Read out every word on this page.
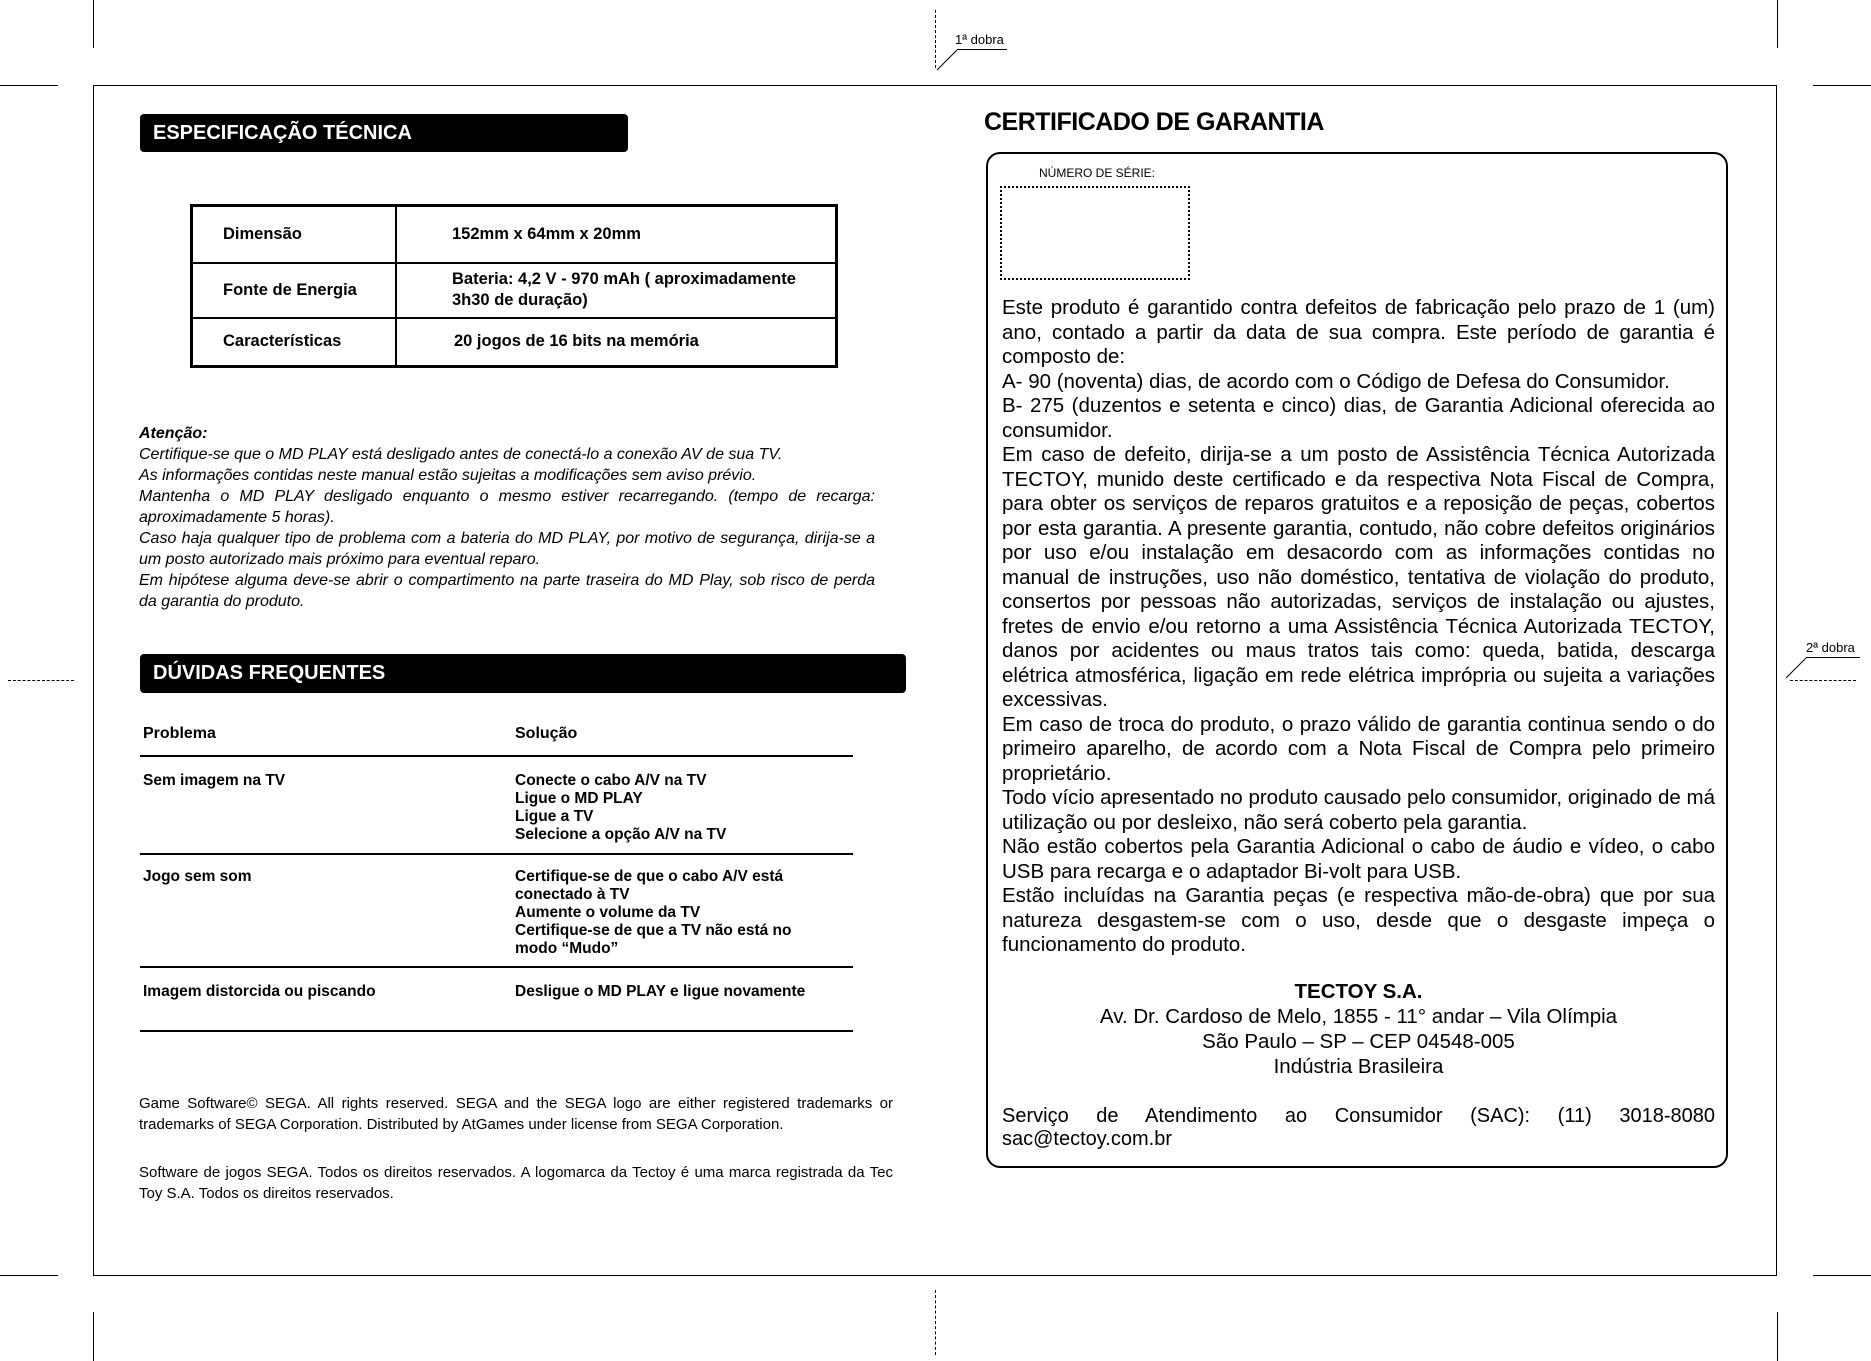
1ª dobra
2ª dobra
ESPECIFICAÇÃO TÉCNICA
Dimensão	152mm x 64mm x 20mm
Fonte de Energia	Bateria: 4,2 V - 970 mAh ( aproximadamente 3h30 de duração)
Características	20 jogos de 16 bits na memória

Atenção:

Certifique-se que o MD PLAY está desligado antes de conectá-lo a conexão AV de sua TV.

As informações contidas neste manual estão sujeitas a modificações sem aviso prévio.

Mantenha o MD PLAY desligado enquanto o mesmo estiver recarregando. (tempo de recarga: aproximadamente 5 horas).

Caso haja qualquer tipo de problema com a bateria do MD PLAY, por motivo de segurança, dirija-se a um posto autorizado mais próximo para eventual reparo.

Em hipótese alguma deve-se abrir o compartimento na parte traseira do MD Play, sob risco de perda da garantia do produto.

DÚVIDAS FREQUENTES
Problema	Solução
Sem imagem na TV	Conecte o cabo A/V na TV
Ligue o MD PLAY
Ligue a TV
Selecione a opção A/V na TV
Jogo sem som	Certifique-se de que o cabo A/V está
conectado à TV
Aumente o volume da TV
Certifique-se de que a TV não está no
modo “Mudo”
Imagem distorcida ou piscando	Desligue o MD PLAY e ligue novamente
Game Software© SEGA. All rights reserved. SEGA and the SEGA logo are either registered trademarks or trademarks of SEGA Corporation. Distributed by AtGames under license from SEGA Corporation.
Software de jogos SEGA. Todos os direitos reservados. A logomarca da Tectoy é uma marca registrada da Tec Toy S.A. Todos os direitos reservados.
CERTIFICADO DE GARANTIA
NÚMERO DE SÉRIE:

Este produto é garantido contra defeitos de fabricação pelo prazo de 1 (um) ano, contado a partir da data de sua compra. Este período de garantia é composto de:

A- 90 (noventa) dias, de acordo com o Código de Defesa do Consumidor.

B- 275 (duzentos e setenta e cinco) dias, de Garantia Adicional oferecida ao consumidor.

Em caso de defeito, dirija-se a um posto de Assistência Técnica Autorizada TECTOY, munido deste certificado e da respectiva Nota Fiscal de Compra, para obter os serviços de reparos gratuitos e a reposição de peças, cobertos por esta garantia. A presente garantia, contudo, não cobre defeitos originários por uso e/ou instalação em desacordo com as informações contidas no manual de instruções, uso não doméstico, tentativa de violação do produto, consertos por pessoas não autorizadas, serviços de instalação ou ajustes, fretes de envio e/ou retorno a uma Assistência Técnica Autorizada TECTOY, danos por acidentes ou maus tratos tais como: queda, batida, descarga elétrica atmosférica, ligação em rede elétrica imprópria ou sujeita a variações excessivas.

Em caso de troca do produto, o prazo válido de garantia continua sendo o do primeiro aparelho, de acordo com a Nota Fiscal de Compra pelo primeiro proprietário.

Todo vício apresentado no produto causado pelo consumidor, originado de má utilização ou por desleixo, não será coberto pela garantia.

Não estão cobertos pela Garantia Adicional o cabo de áudio e vídeo, o cabo USB para recarga e o adaptador Bi-volt para USB.

Estão incluídas na Garantia peças (e respectiva mão-de-obra) que por sua natureza desgastem-se com o uso, desde que o desgaste impeça o funcionamento do produto.

TECTOY S.A.
Av. Dr. Cardoso de Melo, 1855 - 11° andar – Vila Olímpia
São Paulo – SP – CEP 04548-005
Indústria Brasileira
Serviço de Atendimento ao Consumidor (SAC): (11) 3018-8080 sac@tectoy.com.br
